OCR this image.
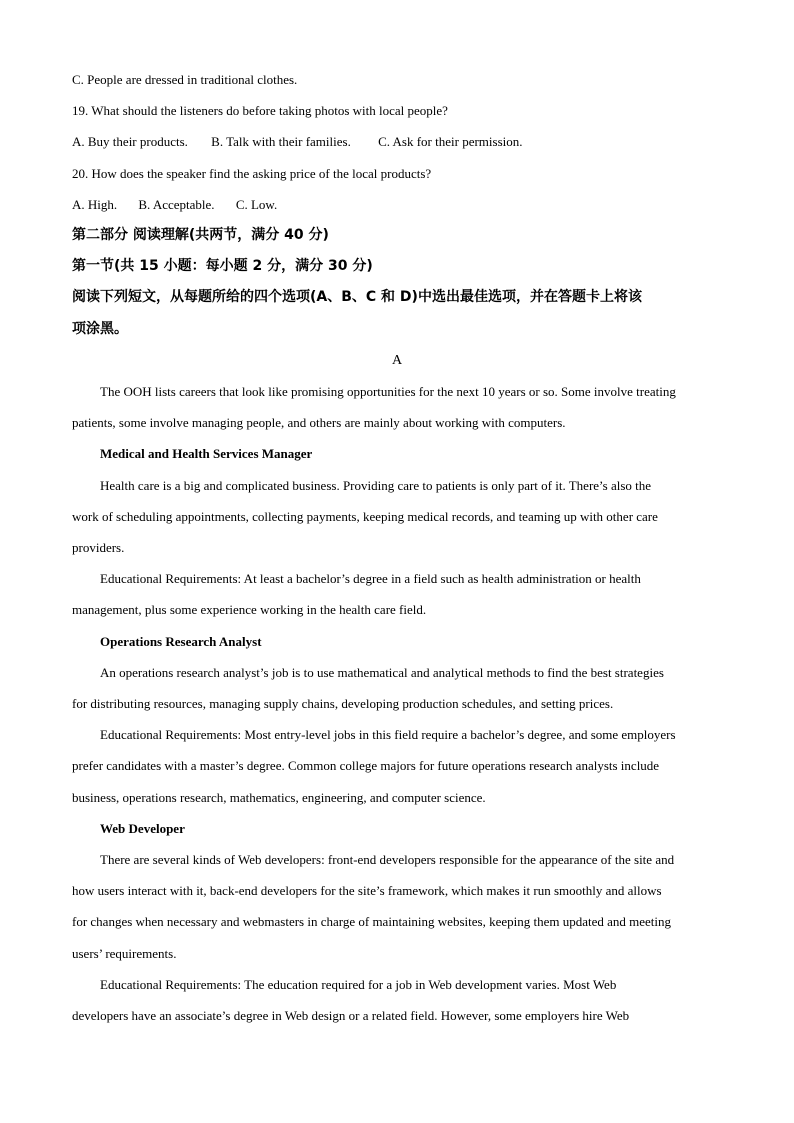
C. People are dressed in traditional clothes.
19. What should the listeners do before taking photos with local people?
A. Buy their products. B. Talk with their families. C. Ask for their permission.
20. How does the speaker find the asking price of the local products?
A. High. B. Acceptable. C. Low.
第二部分 阅读理解(共两节，满分 40 分)
第一节(共 15 小题：每小题 2 分，满分 30 分)
阅读下列短文，从每题所给的四个选项(A、B、C 和 D)中选出最佳选项，并在答题卡上将该
项涂黑。
A
The OOH lists careers that look like promising opportunities for the next 10 years or so. Some involve treating
patients, some involve managing people, and others are mainly about working with computers.
Medical and Health Services Manager
Health care is a big and complicated business. Providing care to patients is only part of it. There’s also the
work of scheduling appointments, collecting payments, keeping medical records, and teaming up with other care
providers.
Educational Requirements: At least a bachelor’s degree in a field such as health administration or health
management, plus some experience working in the health care field.
Operations Research Analyst
An operations research analyst’s job is to use mathematical and analytical methods to find the best strategies
for distributing resources, managing supply chains, developing production schedules, and setting prices.
Educational Requirements: Most entry-level jobs in this field require a bachelor’s degree, and some employers
prefer candidates with a master’s degree. Common college majors for future operations research analysts include
business, operations research, mathematics, engineering, and computer science.
Web Developer
There are several kinds of Web developers: front-end developers responsible for the appearance of the site and
how users interact with it, back-end developers for the site’s framework, which makes it run smoothly and allows
for changes when necessary and webmasters in charge of maintaining websites, keeping them updated and meeting
users’ requirements.
Educational Requirements: The education required for a job in Web development varies. Most Web
developers have an associate’s degree in Web design or a related field. However, some employers hire Web
